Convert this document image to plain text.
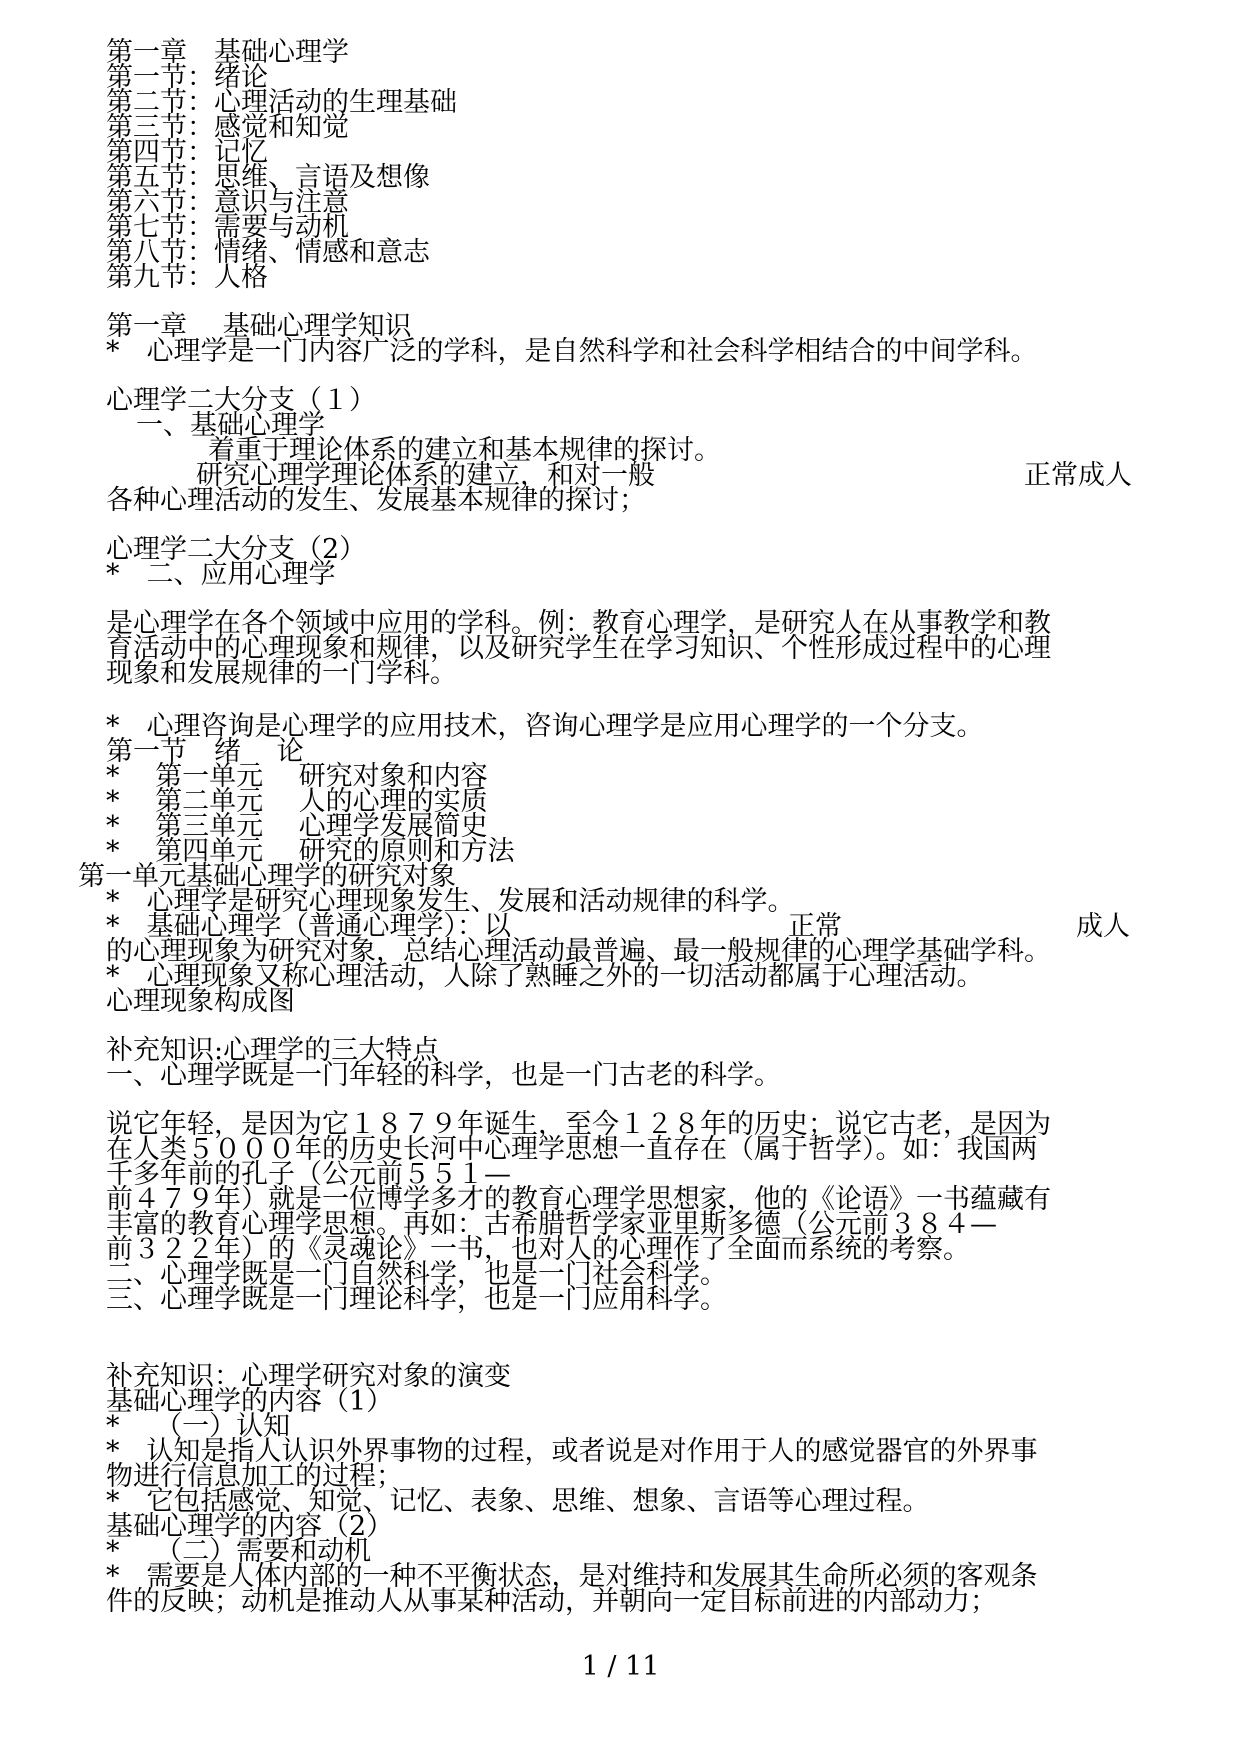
第一章　基础心理学

第一节：绪论

第二节：心理活动的生理基础

第三节：感觉和知觉

第四节：记忆

第五节：思维、言语及想像

第六节：意识与注意

第七节：需要与动机

第八节：情绪、情感和意志

第九节：人格

第一章　 基础心理学知识

*　心理学是一门内容广泛的学科，是自然科学和社会科学相结合的中间学科。

心理学二大分支（１）

一、基础心理学

着重于理论体系的建立和基本规律的探讨。

研究心理学理论体系的建立，和对一般	正常成人

各种心理活动的发生、发展基本规律的探讨；

心理学二大分支（2）

*　二、应用心理学

是心理学在各个领域中应用的学科。例：教育心理学，是研究人在从事教学和教

育活动中的心理现象和规律，以及研究学生在学习知识、个性形成过程中的心理

现象和发展规律的一门学科。

*　心理咨询是心理学的应用技术，咨询心理学是应用心理学的一个分支。

第一节　绪　 论

*　 第一单元　 研究对象和内容

*　 第二单元　 人的心理的实质

*　 第三单元　 心理学发展简史

*　 第四单元　 研究的原则和方法

第一单元基础心理学的研究对象

*　心理学是研究心理现象发生、发展和活动规律的科学。

*　基础心理学（普通心理学）：以	正常	成人

的心理现象为研究对象，总结心理活动最普遍、最一般规律的心理学基础学科。

*　心理现象又称心理活动，人除了熟睡之外的一切活动都属于心理活动。

心理现象构成图

补充知识:心理学的三大特点

一、心理学既是一门年轻的科学，也是一门古老的科学。

说它年轻，是因为它１８７９年诞生，至今１２８年的历史；说它古老，是因为

在人类５０００年的历史长河中心理学思想一直存在（属于哲学）。如：我国两

千多年前的孔子（公元前５５１—

前４７９年）就是一位博学多才的教育心理学思想家，他的《论语》一书蕴藏有

丰富的教育心理学思想。再如：古希腊哲学家亚里斯多德（公元前３８４—

前３２２年）的《灵魂论》一书，也对人的心理作了全面而系统的考察。

二、心理学既是一门自然科学，也是一门社会科学。

三、心理学既是一门理论科学，也是一门应用科学。

补充知识：心理学研究对象的演变

基础心理学的内容（1）

*　 （一）认知

*　认知是指人认识外界事物的过程，或者说是对作用于人的感觉器官的外界事

物进行信息加工的过程；

*　它包括感觉、知觉、记忆、表象、思维、想象、言语等心理过程。

基础心理学的内容（2）

*　 （二）需要和动机

*　需要是人体内部的一种不平衡状态，是对维持和发展其生命所必须的客观条

件的反映；动机是推动人从事某种活动，并朝向一定目标前进的内部动力；

1 / 11
